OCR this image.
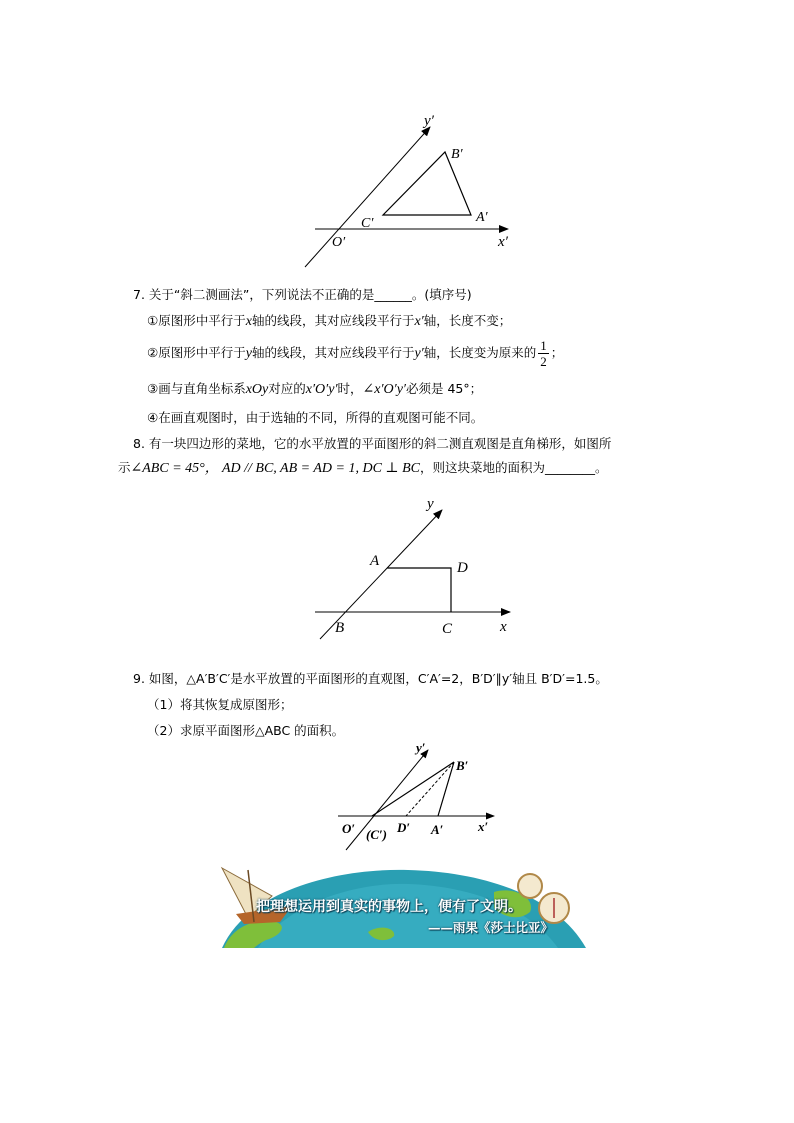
y′
B′
C′	A′
O′	x′
7. 关于“斜二测画法”，下列说法不正确的是______。(填序号)
①原图形中平行于x轴的线段，其对应线段平行于x′轴，长度不变；
②原图形中平行于y轴的线段，其对应线段平行于y′轴，长度变为原来的 $\frac{1}{2}$ ；
③画与直角坐标系xOy对应的x′O′y′时，∠x′O′y′必须是 45°；
④在画直观图时，由于选轴的不同，所得的直观图可能不同。
8. 有一块四边形的菜地，它的水平放置的平面图形的斜二测直观图是直角梯形，如图所
示∠ABC = 45°， AD // BC, AB = AD = 1, DC ⊥ BC，则这块菜地的面积为________。
y
A	D
B	C	x
9. 如图，△A′B′C′是水平放置的平面图形的直观图，C′A′=2，B′D′∥y′轴且 B′D′=1.5。
（1）将其恢复成原图形；
（2）求原平面图形△ABC 的面积。
y′
B′
O′ (C′) D′ A′	x′
把理想运用到真实的事物上，便有了文明。
——雨果《莎士比亚》
